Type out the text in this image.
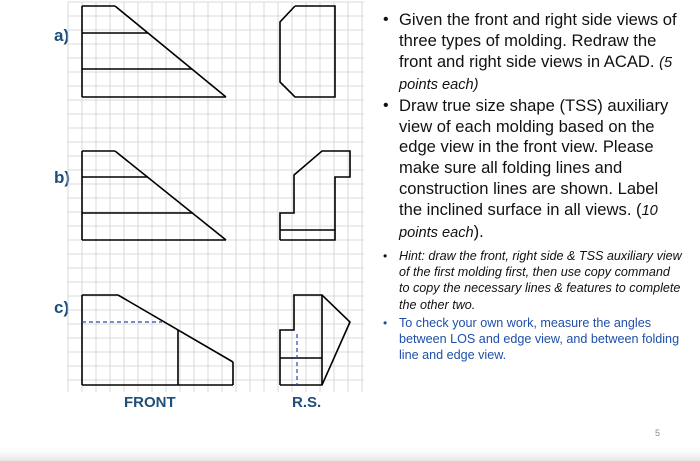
a)
b)
c)
FRONT	R.S.
• Given the front and right side views of three types of molding. Redraw the front and right side views in ACAD. (5 points each)
• Draw true size shape (TSS) auxiliary view of each molding based on the edge view in the front view. Please make sure all folding lines and construction lines are shown. Label the inclined surface in all views. (10 points each).
• Hint: draw the front, right side & TSS auxiliary view of the first molding first, then use copy command to copy the necessary lines & features to complete the other two.
• To check your own work, measure the angles between LOS and edge view, and between folding line and edge view.
5
